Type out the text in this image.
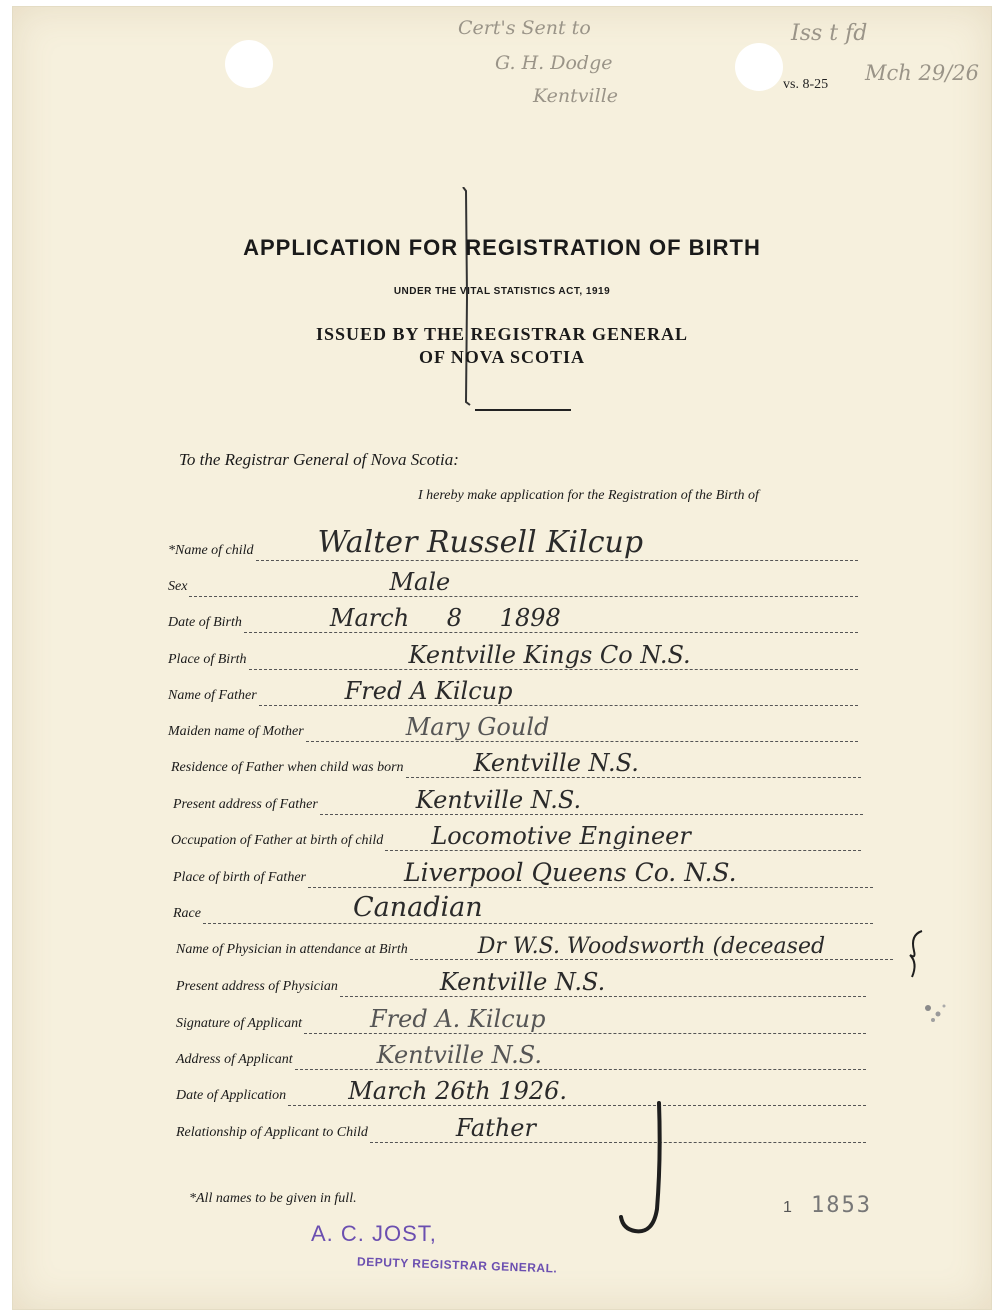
Cert's Sent to
G. H. Dodge
Kentville
Iss t fd
Mch 29/26
vs. 8-25
APPLICATION FOR REGISTRATION OF BIRTH
UNDER THE VITAL STATISTICS ACT, 1919
ISSUED BY THE REGISTRAR GENERAL
OF NOVA SCOTIA
To the Registrar General of Nova Scotia:
I hereby make application for the Registration of the Birth of
*Name of child Walter Russell Kilcup
Sex	Male
Date of Birth	March 8 1898
Place of Birth	Kentville Kings Co N.S.
Name of Father	Fred A Kilcup
Maiden name of Mother	Mary Gould
Residence of Father when child was born	Kentville N.S.
Present address of Father	Kentville N.S.
Occupation of Father at birth of child Locomotive Engineer
Place of birth of Father	Liverpool Queens Co. N.S.
Race	Canadian
Name of Physician in attendance at Birth	Dr W.S. Woodsworth (deceased
Present address of Physician	Kentville N.S.
Signature of Applicant	Fred A. Kilcup
Address of Applicant	Kentville N.S.
Date of Application	March 26th 1926.
Relationship of Applicant to Child	Father
*All names to be given in full.
1 1853
A. C. JOST,
DEPUTY REGISTRAR GENERAL.
